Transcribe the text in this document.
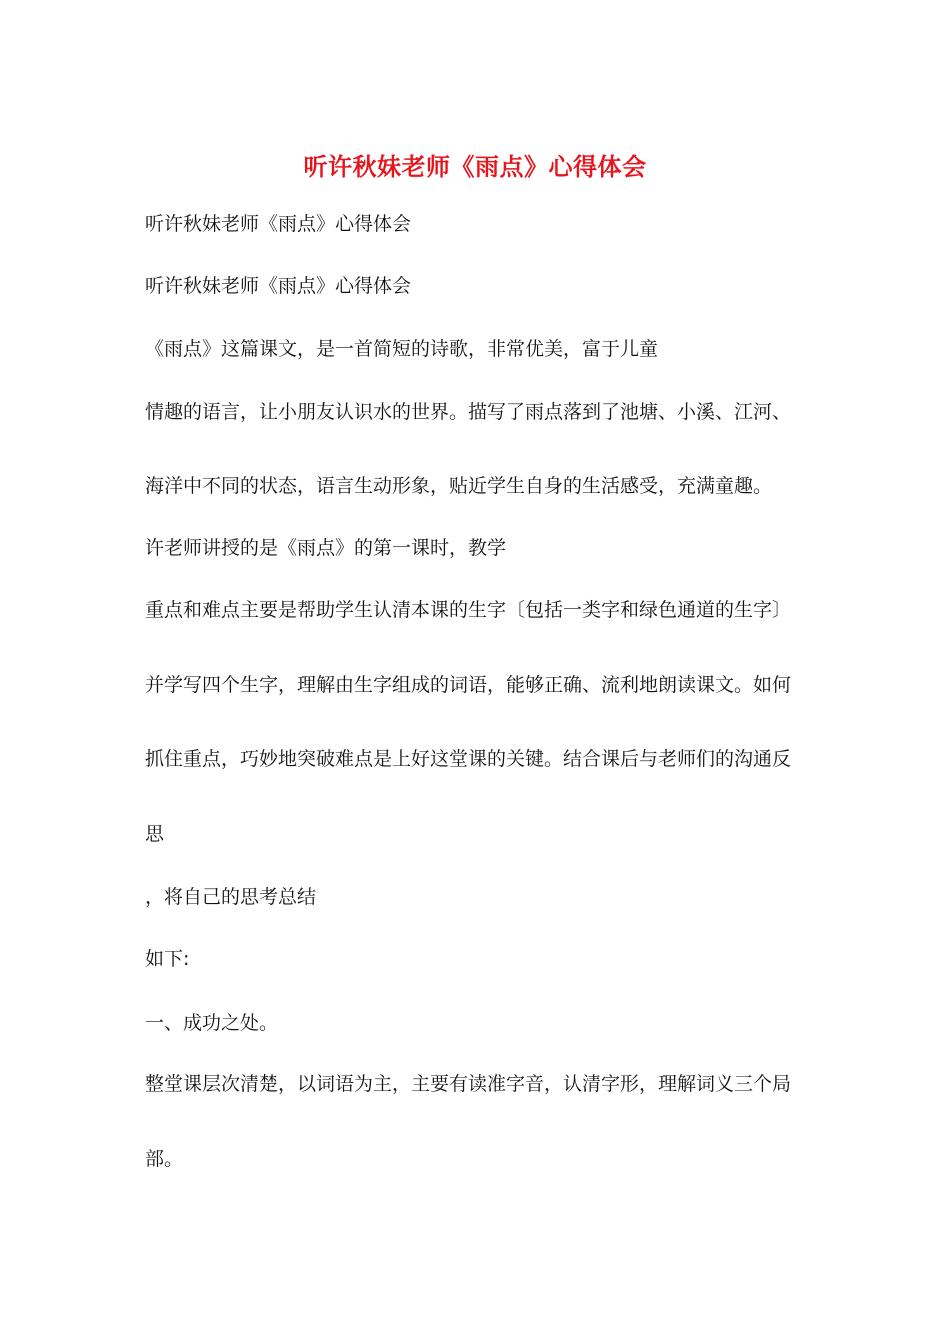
听许秋妹老师《雨点》心得体会
听许秋妹老师《雨点》心得体会
听许秋妹老师《雨点》心得体会
《雨点》这篇课文，是一首简短的诗歌，非常优美，富于儿童
情趣的语言，让小朋友认识水的世界。描写了雨点落到了池塘、小溪、江河、
海洋中不同的状态，语言生动形象，贴近学生自身的生活感受，充满童趣。
许老师讲授的是《雨点》的第一课时，教学
重点和难点主要是帮助学生认清本课的生字〔包括一类字和绿色通道的生字〕
并学写四个生字，理解由生字组成的词语，能够正确、流利地朗读课文。如何
抓住重点，巧妙地突破难点是上好这堂课的关键。结合课后与老师们的沟通反
思
，将自己的思考总结
如下:
一、成功之处。
整堂课层次清楚，以词语为主，主要有读准字音，认清字形，理解词义三个局
部。
